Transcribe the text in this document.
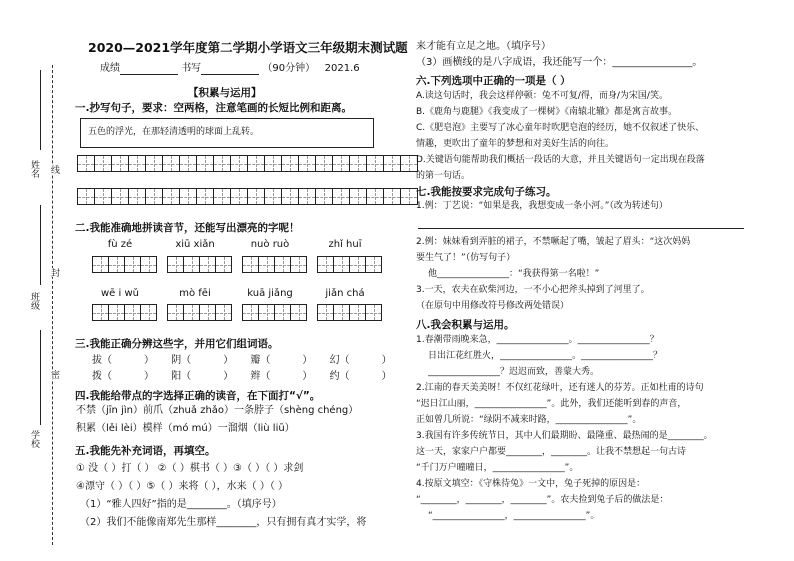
姓名 线
班级
封
密
学校
2020—2021学年度第二学期小学语文三年级期末测试题
成绩	书写	（90分钟） 2021.6
【积累与运用】
一.抄写句子，要求：空两格，注意笔画的长短比例和距离。
五色的浮光，在那轻清透明的球面上乱转。
二.我能准确地拼读音节，还能写出漂亮的字呢！
fù zé	xiū xiǎn	nuò ruò	zhǐ huī
wē i wǔ	mò fēi	kuā jiǎng	jiǎn chá
三.我能正确分辨这些字，并用它们组词语。
拔（	） 阴（	） 瓣（	） 幻（	）
拨（	） 阳（	） 辫（	） 约（	）
四.我能给带点的字选择正确的读音，在下面打“√”。
不禁（jīn jìn）前爪（zhuǎ zhǎo）一条脖子（shèng chéng）
积累（lěi lèi）模样（mó mú）一溜烟（liù liū）
五.我能先补充词语，再填空。
① 没（ ）打（ ） ②（ ）棋书（ ）③（ ）（ ）求剑
④漂守（ ）（ ）⑤（ ）来将（ ），水来（ ）（ ）
（1）“雅人四好”指的是________。（填序号）
（2）我们不能像南郑先生那样________，只有拥有真才实学，将
来才能有立足之地。（填序号）
（3）画横线的是八字成语，我还能写一个：________________。
六.下列选项中正确的一项是（ ）
A.读这句话时，我会这样停顿：兔不可复/得，而身/为宋国/笑。
B.《鹿角与鹿腿》《我变成了一棵树》《南辕北辙》都是寓言故事。
C.《肥皂泡》主要写了冰心童年时吹肥皂泡的经历，她不仅叙述了快乐、
情趣，更吹出了童年的梦想和对美好生活的向往。
D.关键语句能帮助我们概括一段话的大意，并且关键语句一定出现在段落
的第一句话。
七.我能按要求完成句子练习。
1.例：丁艺说：“如果是我，我想变成一条小河。”（改为转述句）
2.例：妹妹看到弄脏的裙子，不禁噘起了嘴，皱起了眉头：“这次妈妈
要生气了！”（仿写句子）
他________________：“我获得第一名啦！”
3.一天，农夫在砍柴河边，一不小心把斧头掉到了河里了。
（在原句中用修改符号修改两处错误）
八.我会积累与运用。
1.春潮带雨晚来急，________________。________________？
日出江花红胜火，________________。________________？
________________？迟迟而致，善蒙大秀。
2.江南的春天美美呀！不仅红花绿叶，还有迷人的芬芳。正如杜甫的诗句
“迟日江山丽，________________”。此外，我们还能听到春的声音，
正如曾几所说：“绿阴不减来时路，________________”。
3.我国有许多传统节日，其中人们最期盼、最隆重、最热闹的是________。
这一天，家家户户都要________，________。让我不禁想起一句古诗
“千门万户曈曈日，________________”。
4.按原文填空：《守株待兔》一文中，兔子死掉的原因是：
“________，________，________”。农夫捡到兔子后的做法是：
“________________，________________”。
